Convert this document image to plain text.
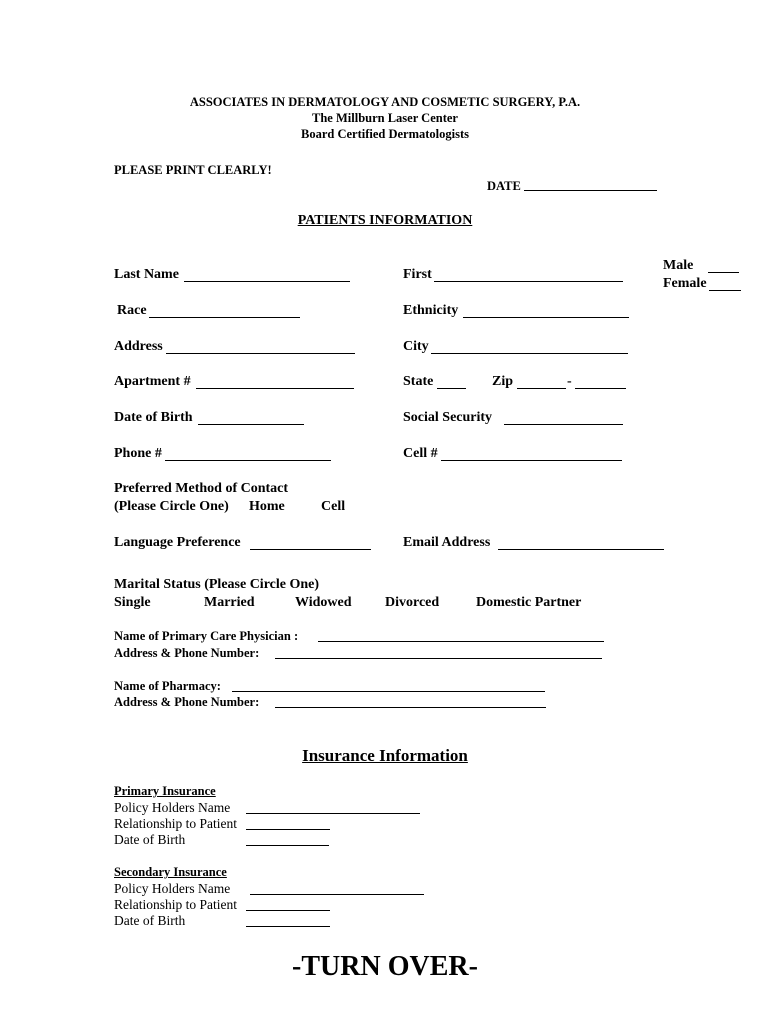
ASSOCIATES IN DERMATOLOGY AND COSMETIC SURGERY, P.A.
The Millburn Laser Center
Board Certified Dermatologists
PLEASE PRINT CLEARLY!
DATE
PATIENTS INFORMATION
Last Name	First
Male
Female
Race	Ethnicity
Address	City
Apartment #	State	Zip	-
Date of Birth	Social Security
Phone #	Cell #
Preferred Method of Contact
(Please Circle One) Home	Cell
Language Preference	Email Address
Marital Status (Please Circle One)
Single	Married	Widowed Divorced	Domestic Partner
Name of Primary Care Physician :
Address & Phone Number:
Name of Pharmacy:
Address & Phone Number:
Insurance Information
Primary Insurance
Policy Holders Name
Relationship to Patient
Date of Birth
Secondary Insurance
Policy Holders Name
Relationship to Patient
Date of Birth
-TURN OVER-
